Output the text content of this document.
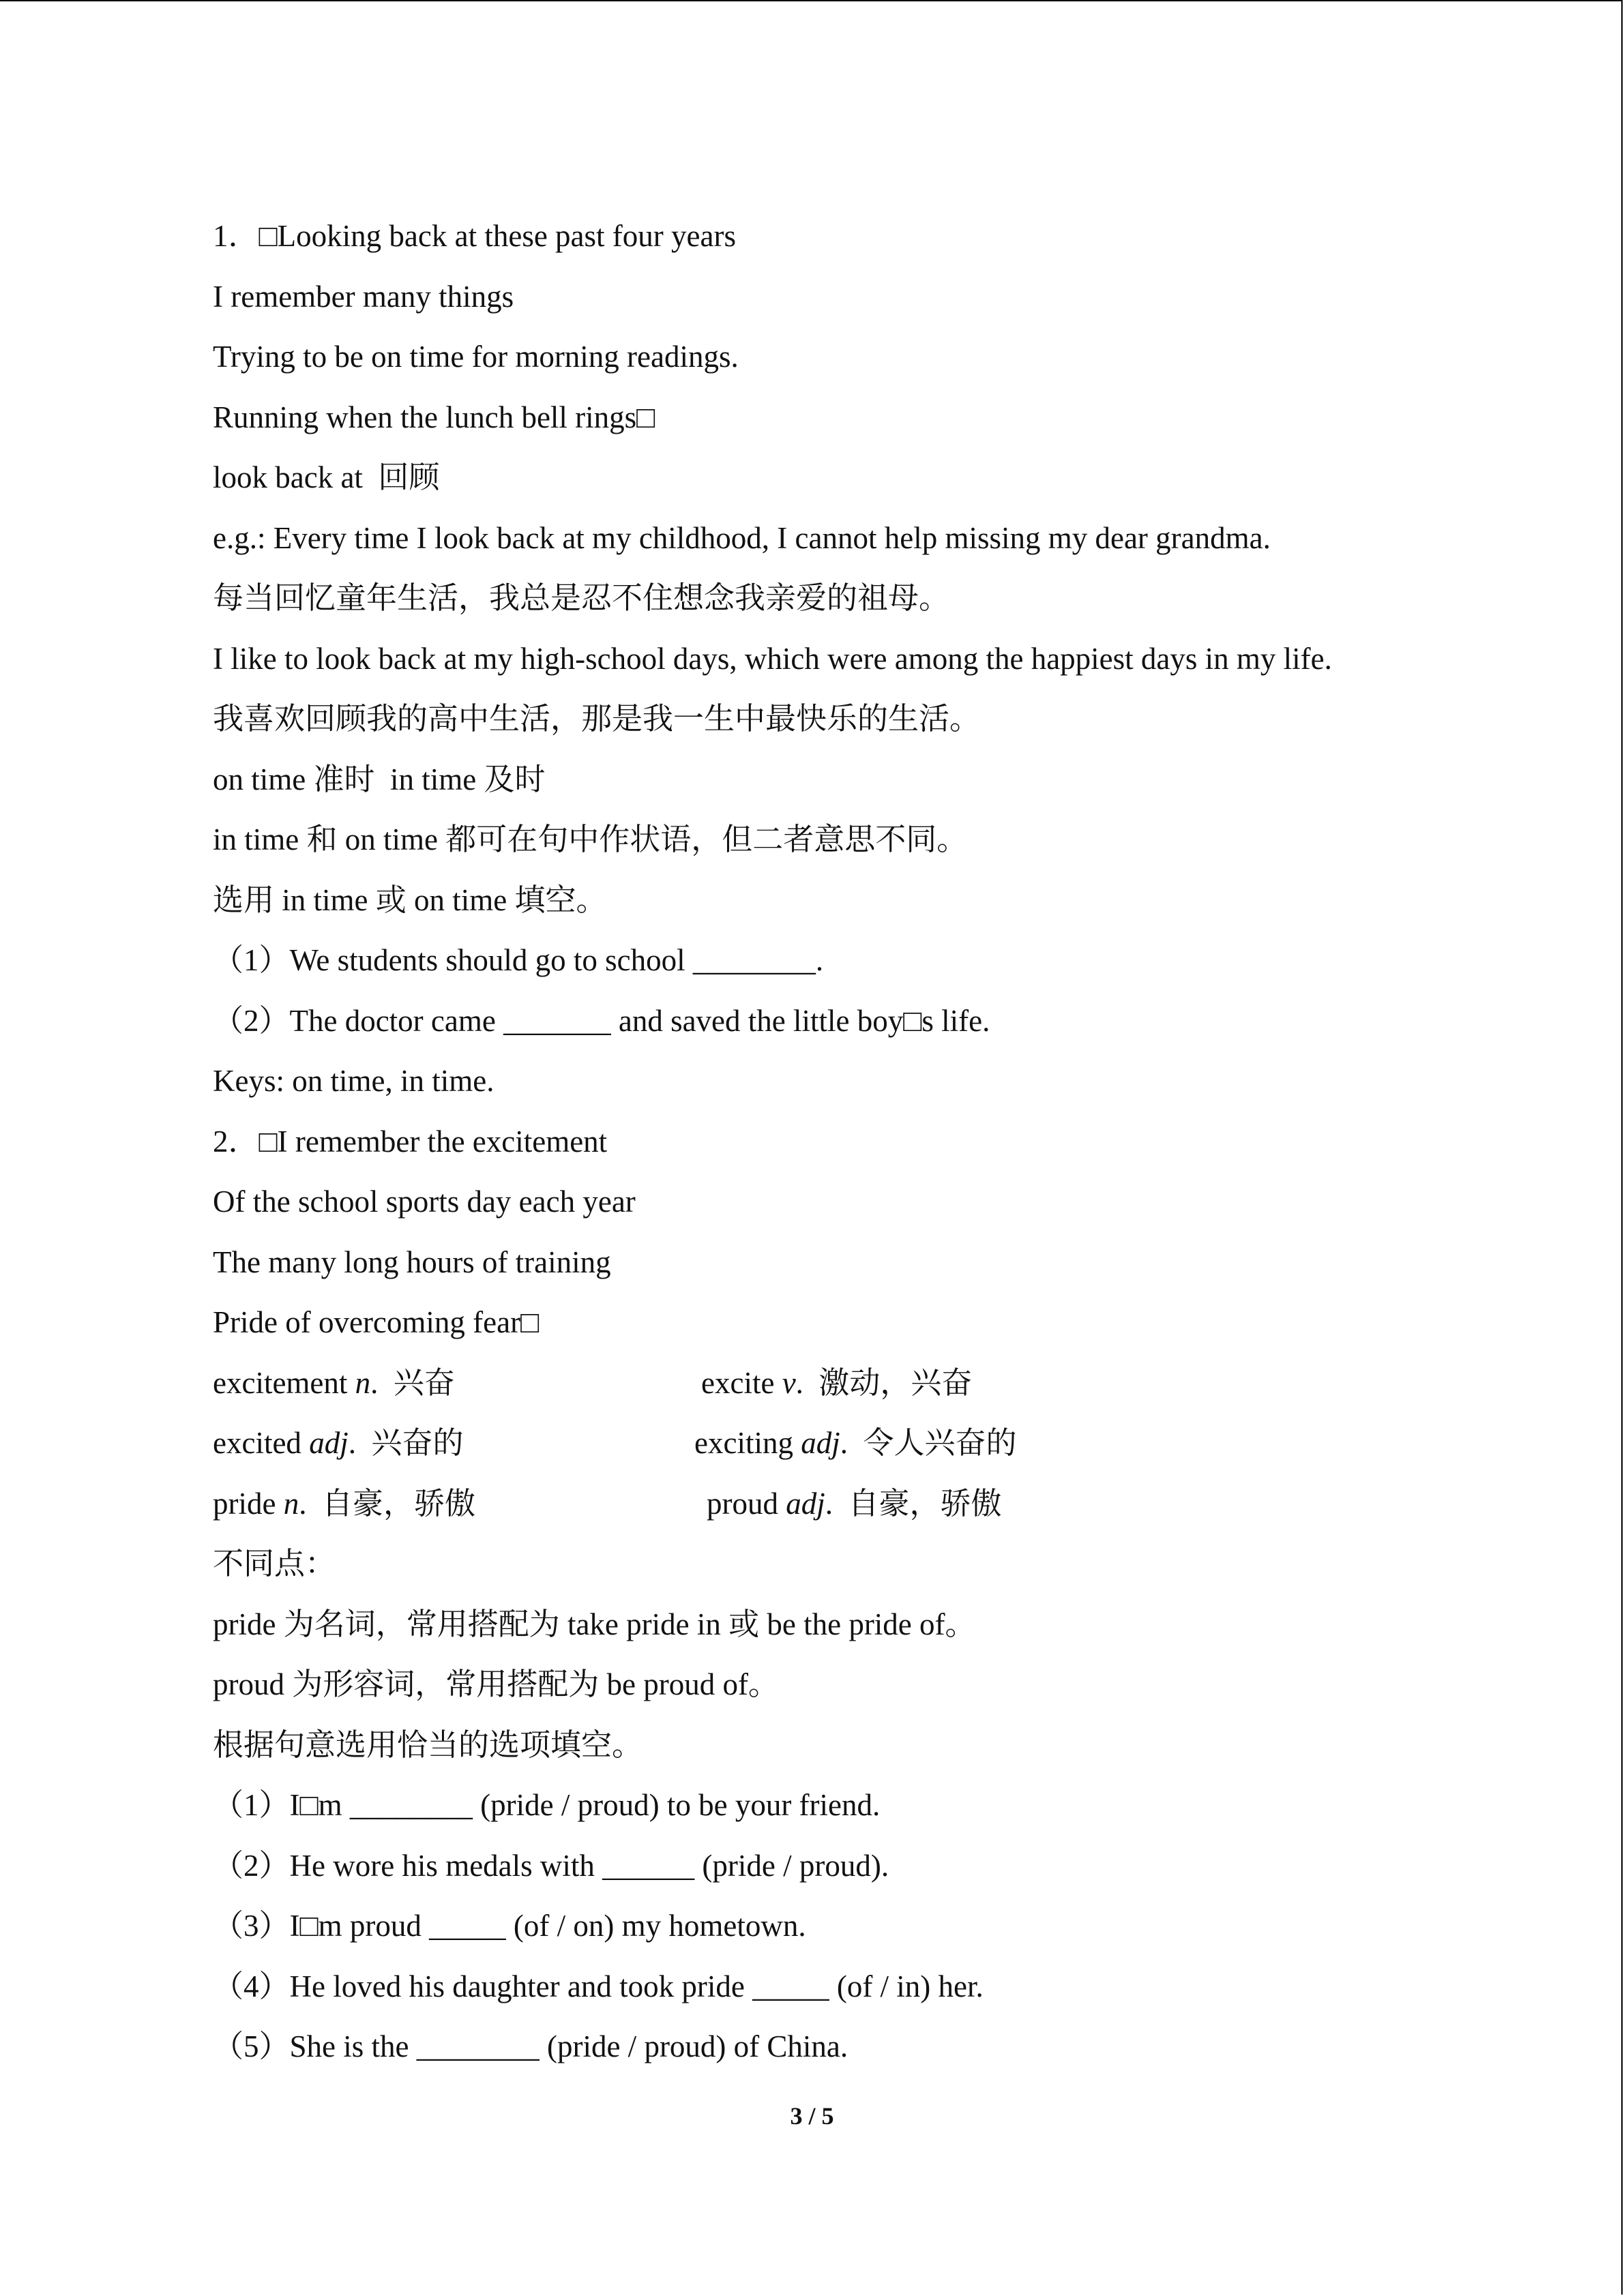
1．□Looking back at these past four years
I remember many things
Trying to be on time for morning readings.
Running when the lunch bell rings□
look back at  回顾
e.g.: Every time I look back at my childhood, I cannot help missing my dear grandma.
每当回忆童年生活，我总是忍不住想念我亲爱的祖母。
I like to look back at my high-school days, which were among the happiest days in my life.
我喜欢回顾我的高中生活，那是我一生中最快乐的生活。
on time 准时  in time 及时
in time 和 on time 都可在句中作状语，但二者意思不同。
选用 in time 或 on time 填空。
（1）We students should go to school ________.
（2）The doctor came _______ and saved the little boy□s life.
Keys: on time, in time.
2．□I remember the excitement
Of the school sports day each year
The many long hours of training
Pride of overcoming fear□
excitement n.  兴奋	excite v.  激动，兴奋
excited adj.  兴奋的	exciting adj.  令人兴奋的
pride n.  自豪，骄傲	proud adj.  自豪，骄傲
不同点：
pride 为名词，常用搭配为 take pride in 或 be the pride of。
proud 为形容词，常用搭配为 be proud of。
根据句意选用恰当的选项填空。
（1）I□m ________ (pride / proud) to be your friend.
（2）He wore his medals with ______ (pride / proud).
（3）I□m proud _____ (of / on) my hometown.
（4）He loved his daughter and took pride _____ (of / in) her.
（5）She is the ________ (pride / proud) of China.
3 / 5
